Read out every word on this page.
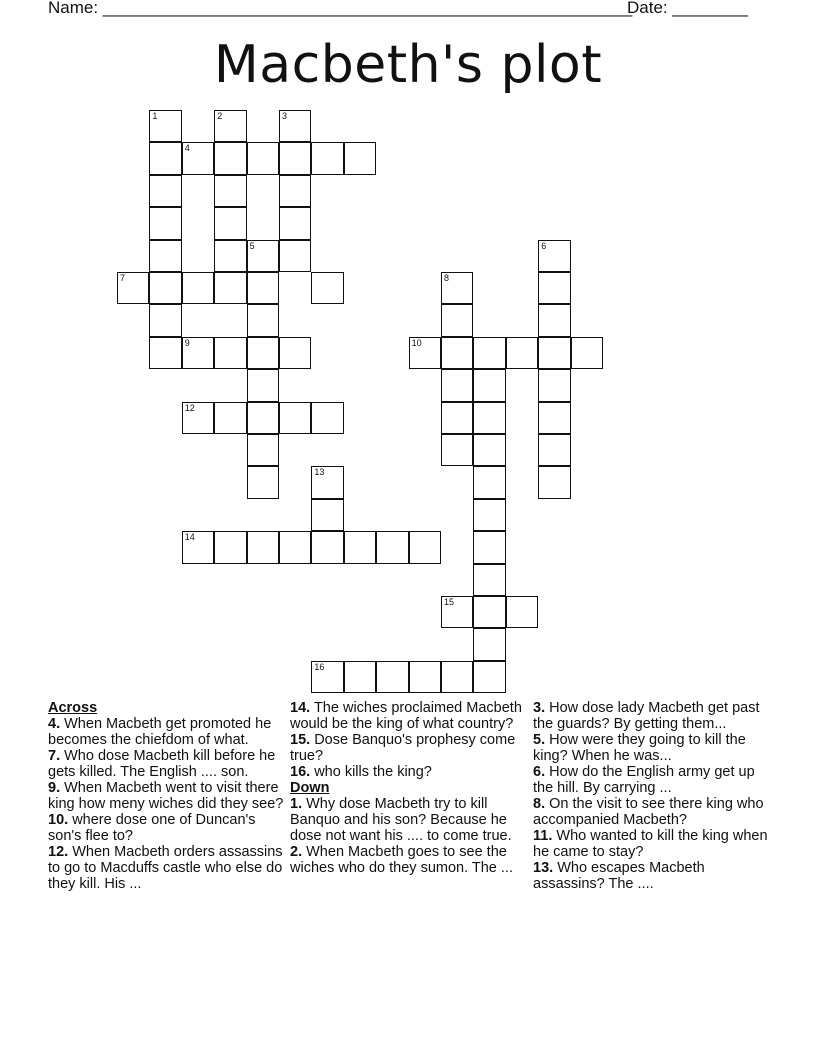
Name: ________________________________________________________
Date: ________
Macbeth's plot
1	2	3
4
5	6
7	8
9	10
12
13
14
15
16
Across

4. When Macbeth get promoted he becomes the chiefdom of what.

7. Who dose Macbeth kill before he gets killed. The English .... son.

9. When Macbeth went to visit there king how meny wiches did they see?

10. where dose one of Duncan's son's flee to?

12. When Macbeth orders assassins to go to Macduffs castle who else do they kill. His ...

14. The wiches proclaimed Macbeth would be the king of what country?

15. Dose Banquo's prophesy come true?

16. who kills the king?

Down

1. Why dose Macbeth try to kill Banquo and his son? Because he dose not want his .... to come true.

2. When Macbeth goes to see the wiches who do they sumon. The ...

3. How dose lady Macbeth get past the guards? By getting them...

5. How were they going to kill the king? When he was...

6. How do the English army get up the hill. By carrying ...

8. On the visit to see there king who accompanied Macbeth?

11. Who wanted to kill the king when he came to stay?

13. Who escapes Macbeth assassins? The ....
